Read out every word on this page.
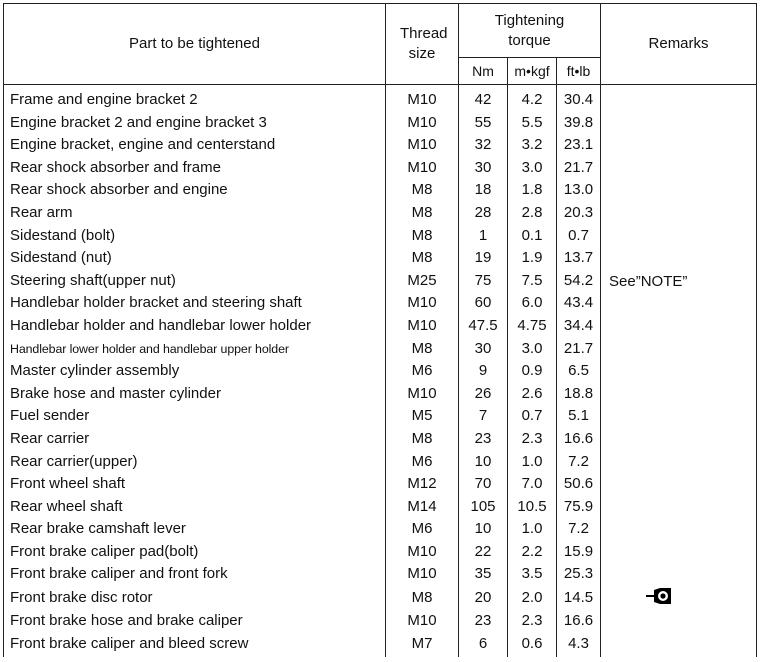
Part to be tightened	Thread size	Tightening torque			Remarks
		Nm	m•kgf	ft•lb	
Frame and engine bracket 2	M10	42	4.2	30.4	
Engine bracket 2 and engine bracket 3	M10	55	5.5	39.8	
Engine bracket, engine and centerstand	M10	32	3.2	23.1	
Rear shock absorber and frame	M10	30	3.0	21.7	
Rear shock absorber and engine	M8	18	1.8	13.0	
Rear arm	M8	28	2.8	20.3	
Sidestand (bolt)	M8	1	0.1	0.7	
Sidestand (nut)	M8	19	1.9	13.7	
Steering shaft(upper nut)	M25	75	7.5	54.2	See”NOTE”
Handlebar holder bracket and steering shaft	M10	60	6.0	43.4	
Handlebar holder and handlebar lower holder	M10	47.5	4.75	34.4	
Handlebar lower holder and handlebar upper holder	M8	30	3.0	21.7	
Master cylinder assembly	M6	9	0.9	6.5	
Brake hose and master cylinder	M10	26	2.6	18.8	
Fuel sender	M5	7	0.7	5.1	
Rear carrier	M8	23	2.3	16.6	
Rear carrier(upper)	M6	10	1.0	7.2	
Front wheel shaft	M12	70	7.0	50.6	
Rear wheel shaft	M14	105	10.5	75.9	
Rear brake camshaft lever	M6	10	1.0	7.2	
Front brake caliper pad(bolt)	M10	22	2.2	15.9	
Front brake caliper and front fork	M10	35	3.5	25.3	
Front brake disc rotor	M8	20	2.0	14.5	
Front brake hose and brake caliper	M10	23	2.3	16.6	
Front brake caliper and bleed screw	M7	6	0.6	4.3	
